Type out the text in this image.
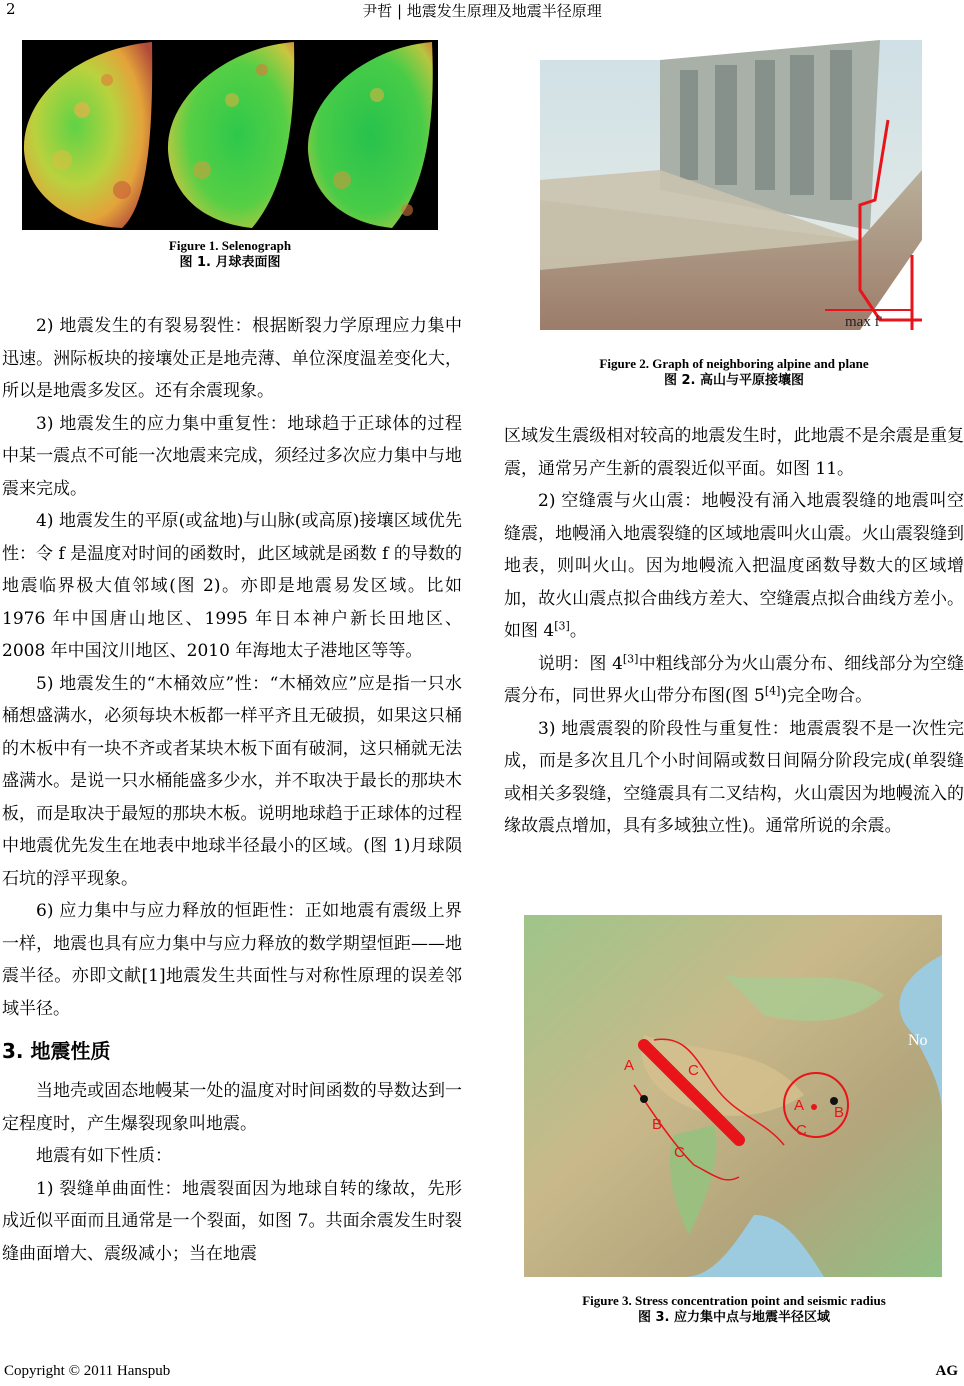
2	尹哲 | 地震发生原理及地震半径原理
Figure 1. Selenograph
图 1. 月球表面图
max f'
Figure 2. Graph of neighboring alpine and plane
图 2. 高山与平原接壤图

2) 地震发生的有裂易裂性：根据断裂力学原理应力集中迅速。洲际板块的接壤处正是地壳薄、单位深度温差变化大，所以是地震多发区。还有余震现象。

3) 地震发生的应力集中重复性：地球趋于正球体的过程中某一震点不可能一次地震来完成，须经过多次应力集中与地震来完成。

4) 地震发生的平原(或盆地)与山脉(或高原)接壤区域优先性：令 f 是温度对时间的函数时，此区域就是函数 f 的导数的地震临界极大值邻域(图 2)。亦即是地震易发区域。比如 1976 年中国唐山地区、1995 年日本神户新长田地区、2008 年中国汶川地区、2010 年海地太子港地区等等。

5) 地震发生的“木桶效应”性：“木桶效应”应是指一只水桶想盛满水，必须每块木板都一样平齐且无破损，如果这只桶的木板中有一块不齐或者某块木板下面有破洞，这只桶就无法盛满水。是说一只水桶能盛多少水，并不取决于最长的那块木板，而是取决于最短的那块木板。说明地球趋于正球体的过程中地震优先发生在地表中地球半径最小的区域。(图 1)月球陨石坑的浮平现象。

6) 应力集中与应力释放的恒距性：正如地震有震级上界一样，地震也具有应力集中与应力释放的数学期望恒距——地震半径。亦即文献[1]地震发生共面性与对称性原理的误差邻域半径。

3. 地震性质

当地壳或固态地幔某一处的温度对时间函数的导数达到一定程度时，产生爆裂现象叫地震。

地震有如下性质：

1) 裂缝单曲面性：地震裂面因为地球自转的缘故，先形成近似平面而且通常是一个裂面，如图 7。共面余震发生时裂缝曲面增大、震级减小；当在地震

区域发生震级相对较高的地震发生时，此地震不是余震是重复震，通常另产生新的震裂近似平面。如图 11。

2) 空缝震与火山震：地幔没有涌入地震裂缝的地震叫空缝震，地幔涌入地震裂缝的区域地震叫火山震。火山震裂缝到地表，则叫火山。因为地幔流入把温度函数导数大的区域增加，故火山震点拟合曲线方差大、空缝震点拟合曲线方差小。如图 4[3]。

说明：图 4[3]中粗线部分为火山震分布、细线部分为空缝震分布，同世界火山带分布图(图 5[4])完全吻合。

3) 地震震裂的阶段性与重复性：地震震裂不是一次性完成，而是多次且几个小时间隔或数日间隔分阶段完成(单裂缝或相关多裂缝，空缝震具有二叉结构，火山震因为地幔流入的缘故震点增加，具有多域独立性)。通常所说的余震。

A
B
C
A B
C
C
No
Figure 3. Stress concentration point and seismic radius
图 3. 应力集中点与地震半径区域
Copyright © 2011 Hanspub	AG
